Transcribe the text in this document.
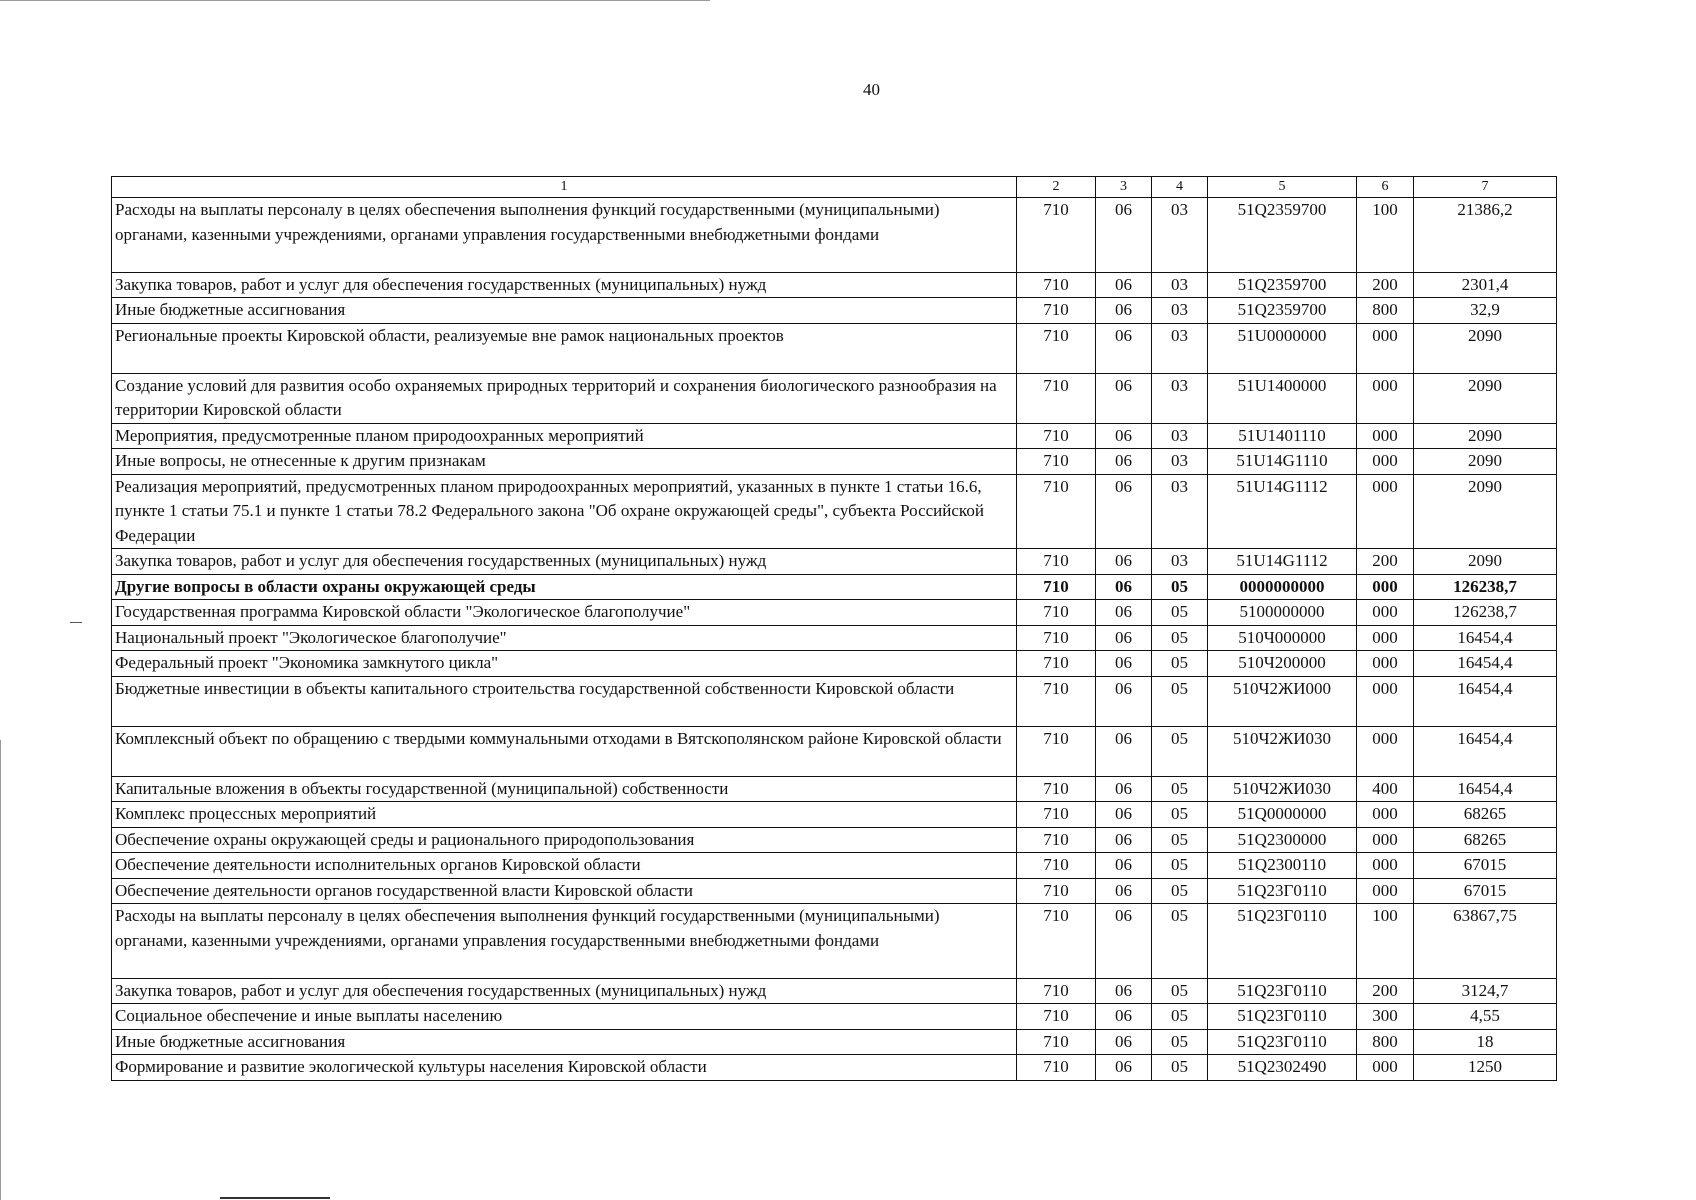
40
1	2	3	4	5	6	7
Расходы на выплаты персоналу в целях обеспечения выполнения функций государственными (муниципальными) органами, казенными учреждениями, органами управления государственными внебюджетными фондами	710	06	03	51Q2359700	100	21386,2
Закупка товаров, работ и услуг для обеспечения государственных (муниципальных) нужд	710	06	03	51Q2359700	200	2301,4
Иные бюджетные ассигнования	710	06	03	51Q2359700	800	32,9
Региональные проекты Кировской области, реализуемые вне рамок национальных проектов	710	06	03	51U0000000	000	2090
Создание условий для развития особо охраняемых природных территорий и сохранения биологического разнообразия на территории Кировской области	710	06	03	51U1400000	000	2090
Мероприятия, предусмотренные планом природоохранных мероприятий	710	06	03	51U1401110	000	2090
Иные вопросы, не отнесенные к другим признакам	710	06	03	51U14G1110	000	2090
Реализация мероприятий, предусмотренных планом природоохранных мероприятий, указанных в пункте 1 статьи 16.6, пункте 1 статьи 75.1 и пункте 1 статьи 78.2 Федерального закона "Об охране окружающей среды", субъекта Российской Федерации	710	06	03	51U14G1112	000	2090
Закупка товаров, работ и услуг для обеспечения государственных (муниципальных) нужд	710	06	03	51U14G1112	200	2090
Другие вопросы в области охраны окружающей среды	710	06	05	0000000000	000	126238,7
Государственная программа Кировской области "Экологическое благополучие"	710	06	05	5100000000	000	126238,7
Национальный проект "Экологическое благополучие"	710	06	05	510Ч000000	000	16454,4
Федеральный проект "Экономика замкнутого цикла"	710	06	05	510Ч200000	000	16454,4
Бюджетные инвестиции в объекты капитального строительства государственной собственности Кировской области	710	06	05	510Ч2ЖИ000	000	16454,4
Комплексный объект по обращению с твердыми коммунальными отходами в Вятскополянском районе Кировской области	710	06	05	510Ч2ЖИ030	000	16454,4
Капитальные вложения в объекты государственной (муниципальной) собственности	710	06	05	510Ч2ЖИ030	400	16454,4
Комплекс процессных мероприятий	710	06	05	51Q0000000	000	68265
Обеспечение охраны окружающей среды и рационального природопользования	710	06	05	51Q2300000	000	68265
Обеспечение деятельности исполнительных органов Кировской области	710	06	05	51Q2300110	000	67015
Обеспечение деятельности органов государственной власти Кировской области	710	06	05	51Q23Г0110	000	67015
Расходы на выплаты персоналу в целях обеспечения выполнения функций государственными (муниципальными) органами, казенными учреждениями, органами управления государственными внебюджетными фондами	710	06	05	51Q23Г0110	100	63867,75
Закупка товаров, работ и услуг для обеспечения государственных (муниципальных) нужд	710	06	05	51Q23Г0110	200	3124,7
Социальное обеспечение и иные выплаты населению	710	06	05	51Q23Г0110	300	4,55
Иные бюджетные ассигнования	710	06	05	51Q23Г0110	800	18
Формирование и развитие экологической культуры населения Кировской области	710	06	05	51Q2302490	000	1250
